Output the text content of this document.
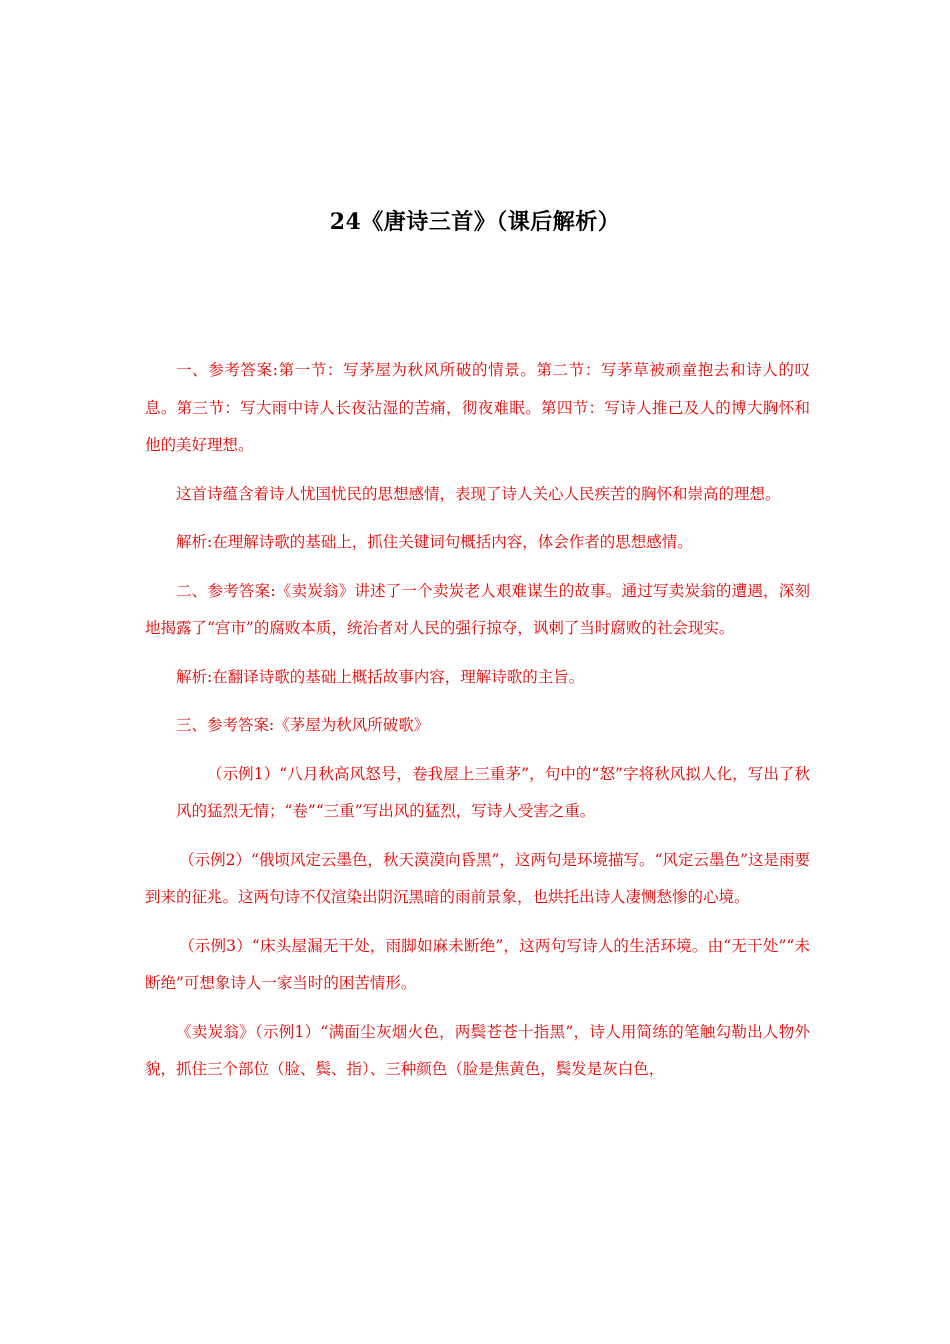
24《唐诗三首》（课后解析）

一、参考答案:第一节：写茅屋为秋风所破的情景。第二节：写茅草被顽童抱去和诗人的叹息。第三节：写大雨中诗人长夜沾湿的苦痛，彻夜难眠。第四节：写诗人推己及人的博大胸怀和他的美好理想。

这首诗蕴含着诗人忧国忧民的思想感情，表现了诗人关心人民疾苦的胸怀和崇高的理想。

解析:在理解诗歌的基础上，抓住关键词句概括内容，体会作者的思想感情。

二、参考答案:《卖炭翁》讲述了一个卖炭老人艰难谋生的故事。通过写卖炭翁的遭遇，深刻地揭露了“宫市”的腐败本质，统治者对人民的强行掠夺，讽刺了当时腐败的社会现实。

解析:在翻译诗歌的基础上概括故事内容，理解诗歌的主旨。

三、参考答案:《茅屋为秋风所破歌》

（示例1）“八月秋高风怒号，卷我屋上三重茅”，句中的“怒”字将秋风拟人化，写出了秋风的猛烈无情；“卷”“三重”写出风的猛烈，写诗人受害之重。

（示例2）“俄顷风定云墨色，秋天漠漠向昏黑”，这两句是环境描写。“风定云墨色”这是雨要到来的征兆。这两句诗不仅渲染出阴沉黑暗的雨前景象，也烘托出诗人凄恻愁惨的心境。

（示例3）“床头屋漏无干处，雨脚如麻未断绝”，这两句写诗人的生活环境。由“无干处”“未断绝”可想象诗人一家当时的困苦情形。

《卖炭翁》（示例1）“满面尘灰烟火色，两鬓苍苍十指黑”，诗人用简练的笔触勾勒出人物外貌，抓住三个部位（脸、鬓、指）、三种颜色（脸是焦黄色，鬓发是灰白色，
